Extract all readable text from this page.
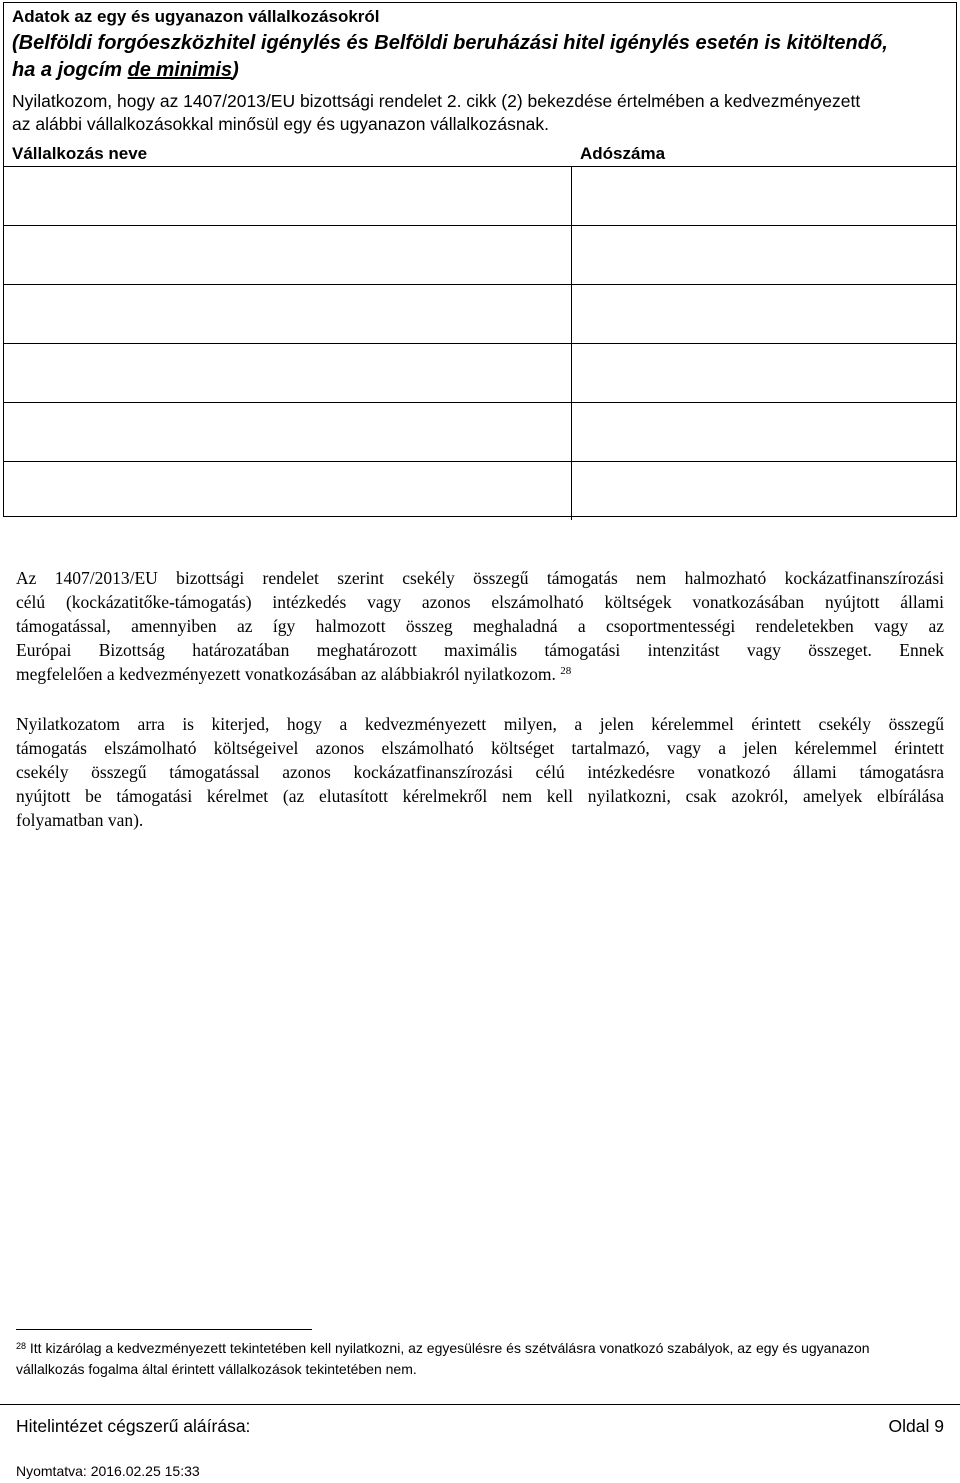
Adatok az egy és ugyanazon vállalkozásokról
(Belföldi forgóeszközhitel igénylés és Belföldi beruházási hitel igénylés esetén is kitöltendő,
ha a jogcím de minimis)
Nyilatkozom, hogy az 1407/2013/EU bizottsági rendelet 2. cikk (2) bekezdése értelmében a kedvezményezett
az alábbi vállalkozásokkal minősül egy és ugyanazon vállalkozásnak.
Vállalkozás neve	Adószáma
Az 1407/2013/EU bizottsági rendelet szerint csekély összegű támogatás nem halmozható kockázatfinanszírozási
célú (kockázatitőke-támogatás) intézkedés vagy azonos elszámolható költségek vonatkozásában nyújtott állami
támogatással, amennyiben az így halmozott összeg meghaladná a csoportmentességi rendeletekben vagy az
Európai Bizottság határozatában meghatározott maximális támogatási intenzitást vagy összeget. Ennek
megfelelően a kedvezményezett vonatkozásában az alábbiakról nyilatkozom. $^{28}$
Nyilatkozatom arra is kiterjed, hogy a kedvezményezett milyen, a jelen kérelemmel érintett csekély összegű
támogatás elszámolható költségeivel azonos elszámolható költséget tartalmazó, vagy a jelen kérelemmel érintett
csekély összegű támogatással azonos kockázatfinanszírozási célú intézkedésre vonatkozó állami támogatásra
nyújtott be támogatási kérelmet (az elutasított kérelmekről nem kell nyilatkozni, csak azokról, amelyek elbírálása
folyamatban van).
$^{28}$ Itt kizárólag a kedvezményezett tekintetében kell nyilatkozni, az egyesülésre és szétválásra vonatkozó szabályok, az egy és ugyanazon
vállalkozás fogalma által érintett vállalkozások tekintetében nem.
Hitelintézet cégszerű aláírása:	Oldal 9
Nyomtatva: 2016.02.25 15:33
